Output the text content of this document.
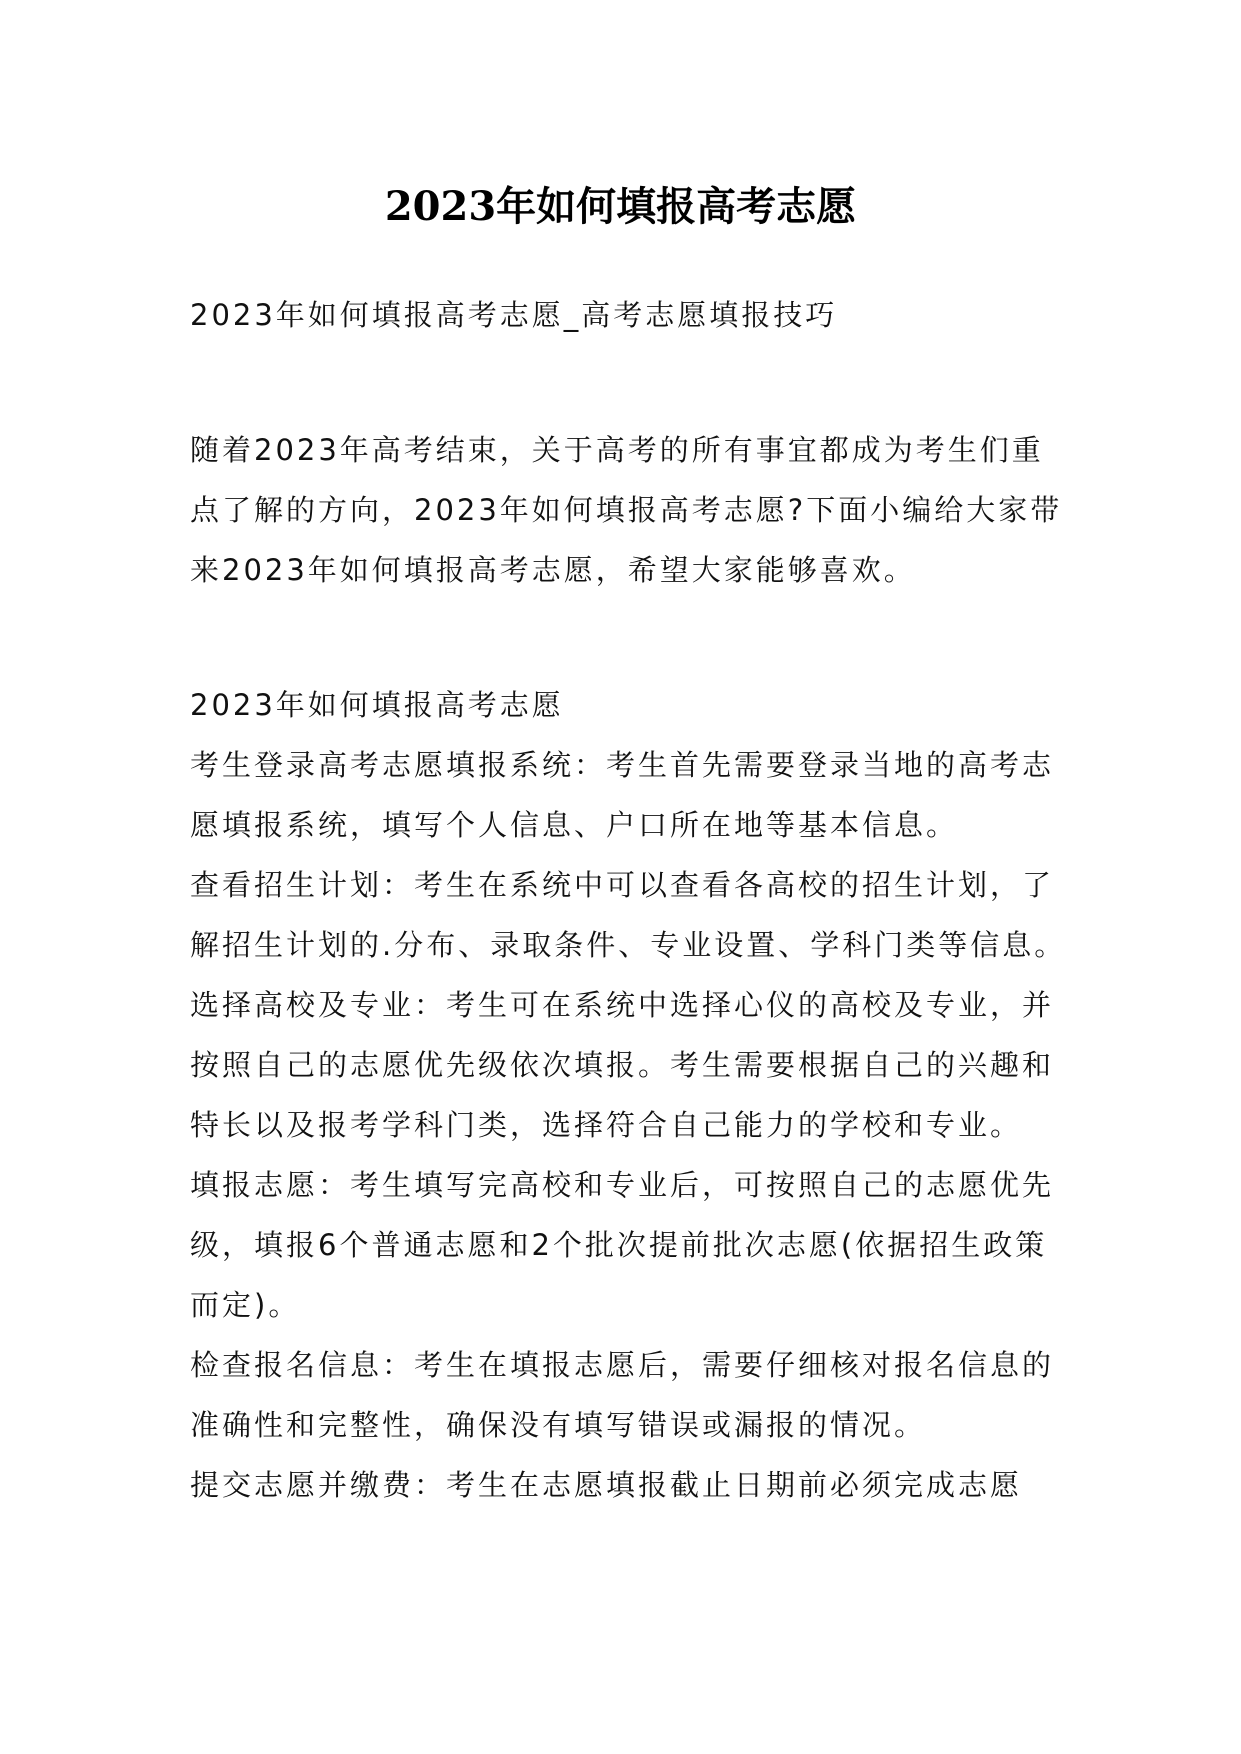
2023年如何填报高考志愿

2023年如何填报高考志愿_高考志愿填报技巧

随着2023年高考结束，关于高考的所有事宜都成为考生们重点了解的方向，2023年如何填报高考志愿?下面小编给大家带来2023年如何填报高考志愿，希望大家能够喜欢。

2023年如何填报高考志愿

考生登录高考志愿填报系统：考生首先需要登录当地的高考志愿填报系统，填写个人信息、户口所在地等基本信息。

查看招生计划：考生在系统中可以查看各高校的招生计划，了解招生计划的.分布、录取条件、专业设置、学科门类等信息。

选择高校及专业：考生可在系统中选择心仪的高校及专业，并按照自己的志愿优先级依次填报。考生需要根据自己的兴趣和特长以及报考学科门类，选择符合自己能力的学校和专业。

填报志愿：考生填写完高校和专业后，可按照自己的志愿优先级，填报6个普通志愿和2个批次提前批次志愿(依据招生政策而定)。

检查报名信息：考生在填报志愿后，需要仔细核对报名信息的准确性和完整性，确保没有填写错误或漏报的情况。

提交志愿并缴费：考生在志愿填报截止日期前必须完成志愿
